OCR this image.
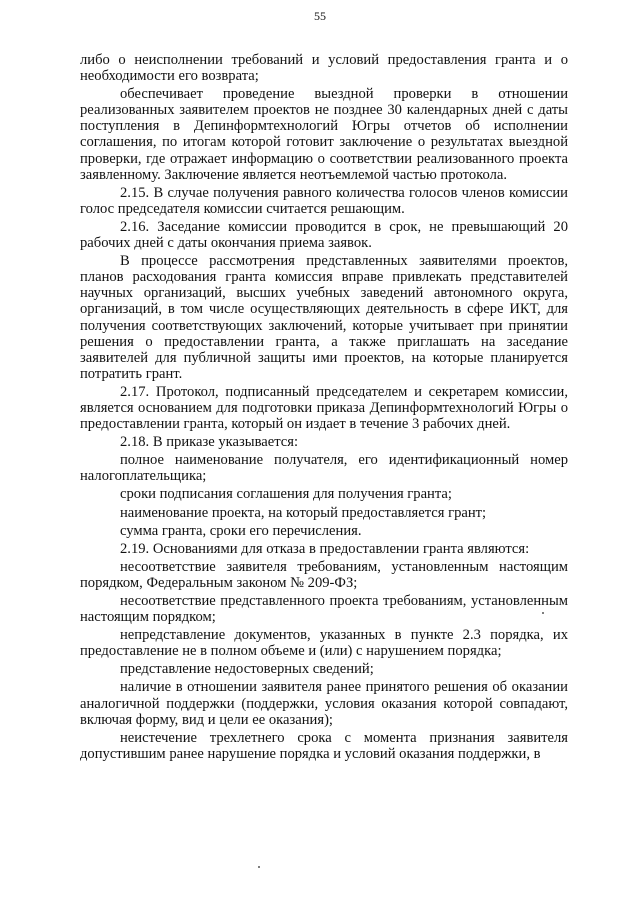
55

либо о неисполнении требований и условий предоставления гранта и о необходимости его возврата;

обеспечивает проведение выездной проверки в отношении реализованных заявителем проектов не позднее 30 календарных дней с даты поступления в Депинформтехнологий Югры отчетов об исполнении соглашения, по итогам которой готовит заключение о результатах выездной проверки, где отражает информацию о соответствии реализованного проекта заявленному. Заключение является неотъемлемой частью протокола.

2.15. В случае получения равного количества голосов членов комиссии голос председателя комиссии считается решающим.

2.16. Заседание комиссии проводится в срок, не превышающий 20 рабочих дней с даты окончания приема заявок.

В процессе рассмотрения представленных заявителями проектов, планов расходования гранта комиссия вправе привлекать представителей научных организаций, высших учебных заведений автономного округа, организаций, в том числе осуществляющих деятельность в сфере ИКТ, для получения соответствующих заключений, которые учитывает при принятии решения о предоставлении гранта, а также приглашать на заседание заявителей для публичной защиты ими проектов, на которые планируется потратить грант.

2.17. Протокол, подписанный председателем и секретарем комиссии, является основанием для подготовки приказа Депинформтехнологий Югры о предоставлении гранта, который он издает в течение 3 рабочих дней.

2.18. В приказе указывается:

полное наименование получателя, его идентификационный номер налогоплательщика;

сроки подписания соглашения для получения гранта;

наименование проекта, на который предоставляется грант;

сумма гранта, сроки его перечисления.

2.19. Основаниями для отказа в предоставлении гранта являются:

несоответствие заявителя требованиям, установленным настоящим порядком, Федеральным законом № 209-ФЗ;

несоответствие представленного проекта требованиям, установленным настоящим порядком;

непредставление документов, указанных в пункте 2.3 порядка, их предоставление не в полном объеме и (или) с нарушением порядка;

представление недостоверных сведений;

наличие в отношении заявителя ранее принятого решения об оказании аналогичной поддержки (поддержки, условия оказания которой совпадают, включая форму, вид и цели ее оказания);

неистечение трехлетнего срока с момента признания заявителя допустившим ранее нарушение порядка и условий оказания поддержки, в
